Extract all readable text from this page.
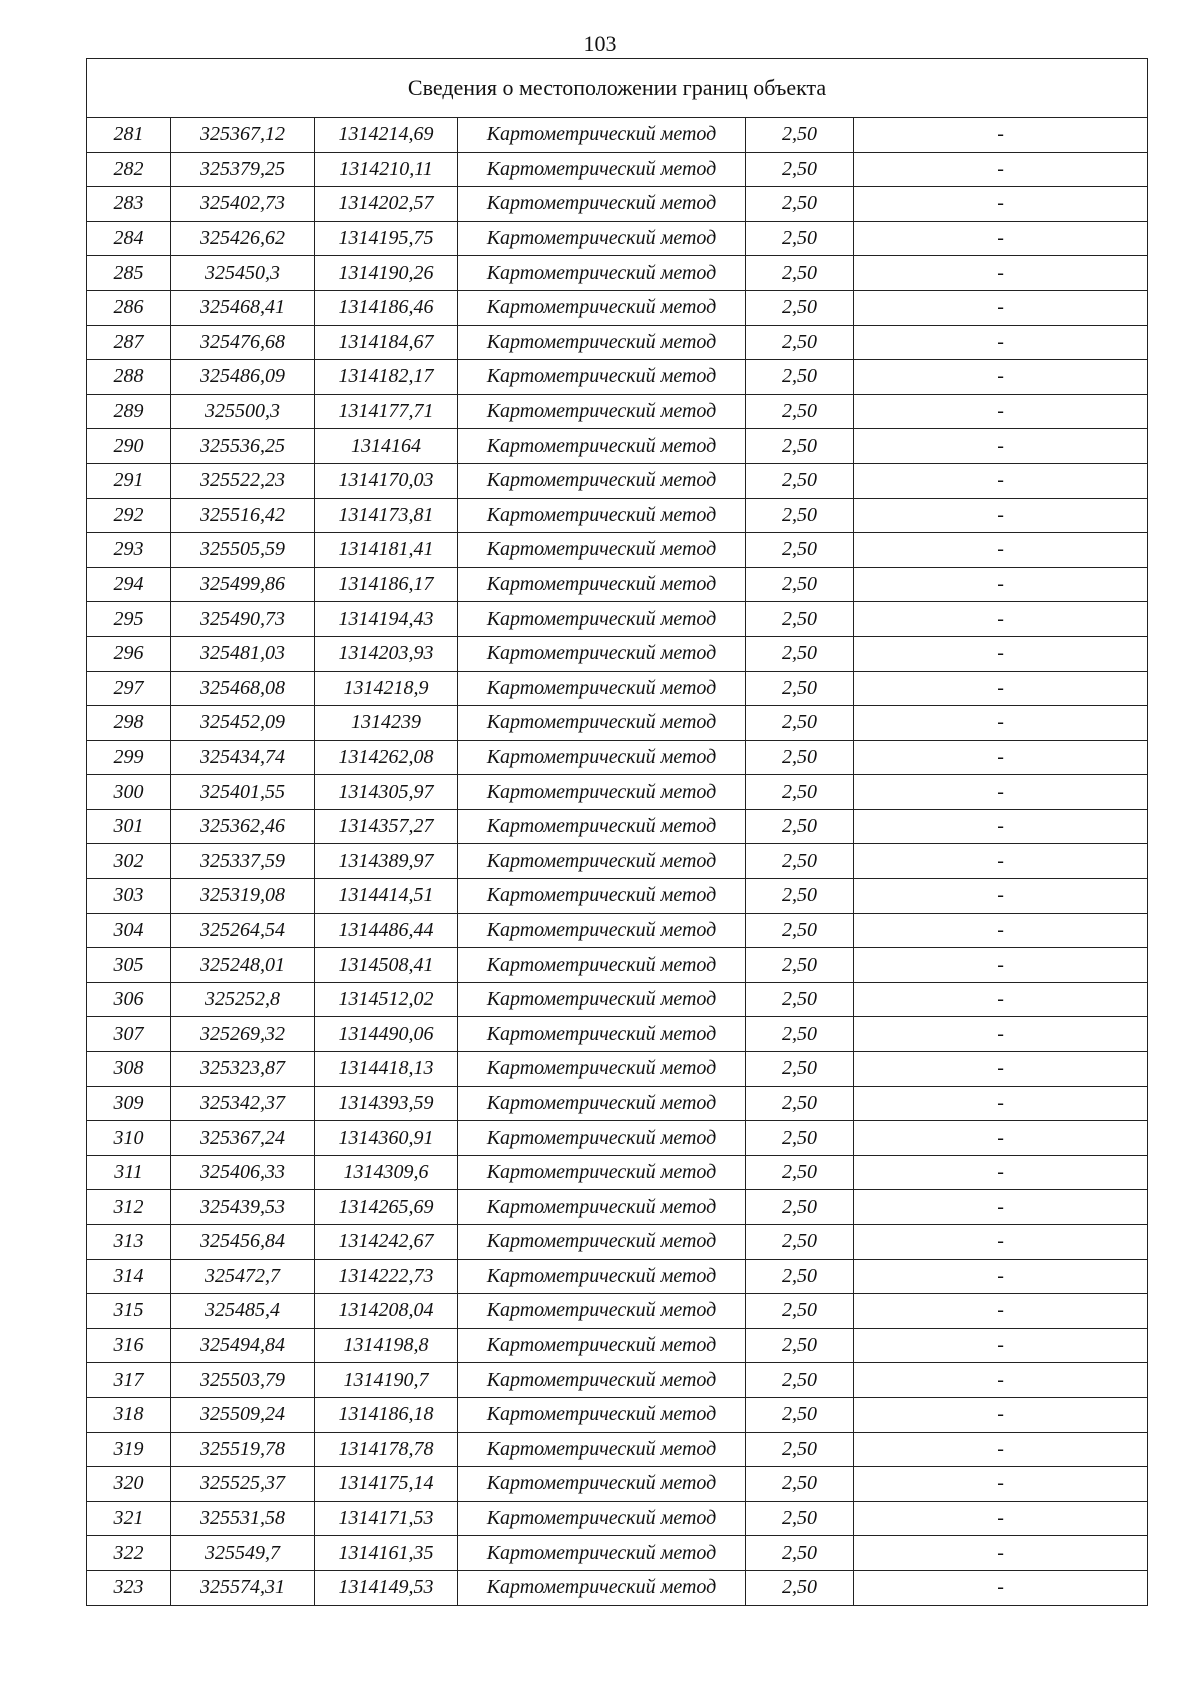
103
Сведения о местоположении границ объекта					
281	325367,12	1314214,69	Картометрический метод	2,50	-
282	325379,25	1314210,11	Картометрический метод	2,50	-
283	325402,73	1314202,57	Картометрический метод	2,50	-
284	325426,62	1314195,75	Картометрический метод	2,50	-
285	325450,3	1314190,26	Картометрический метод	2,50	-
286	325468,41	1314186,46	Картометрический метод	2,50	-
287	325476,68	1314184,67	Картометрический метод	2,50	-
288	325486,09	1314182,17	Картометрический метод	2,50	-
289	325500,3	1314177,71	Картометрический метод	2,50	-
290	325536,25	1314164	Картометрический метод	2,50	-
291	325522,23	1314170,03	Картометрический метод	2,50	-
292	325516,42	1314173,81	Картометрический метод	2,50	-
293	325505,59	1314181,41	Картометрический метод	2,50	-
294	325499,86	1314186,17	Картометрический метод	2,50	-
295	325490,73	1314194,43	Картометрический метод	2,50	-
296	325481,03	1314203,93	Картометрический метод	2,50	-
297	325468,08	1314218,9	Картометрический метод	2,50	-
298	325452,09	1314239	Картометрический метод	2,50	-
299	325434,74	1314262,08	Картометрический метод	2,50	-
300	325401,55	1314305,97	Картометрический метод	2,50	-
301	325362,46	1314357,27	Картометрический метод	2,50	-
302	325337,59	1314389,97	Картометрический метод	2,50	-
303	325319,08	1314414,51	Картометрический метод	2,50	-
304	325264,54	1314486,44	Картометрический метод	2,50	-
305	325248,01	1314508,41	Картометрический метод	2,50	-
306	325252,8	1314512,02	Картометрический метод	2,50	-
307	325269,32	1314490,06	Картометрический метод	2,50	-
308	325323,87	1314418,13	Картометрический метод	2,50	-
309	325342,37	1314393,59	Картометрический метод	2,50	-
310	325367,24	1314360,91	Картометрический метод	2,50	-
311	325406,33	1314309,6	Картометрический метод	2,50	-
312	325439,53	1314265,69	Картометрический метод	2,50	-
313	325456,84	1314242,67	Картометрический метод	2,50	-
314	325472,7	1314222,73	Картометрический метод	2,50	-
315	325485,4	1314208,04	Картометрический метод	2,50	-
316	325494,84	1314198,8	Картометрический метод	2,50	-
317	325503,79	1314190,7	Картометрический метод	2,50	-
318	325509,24	1314186,18	Картометрический метод	2,50	-
319	325519,78	1314178,78	Картометрический метод	2,50	-
320	325525,37	1314175,14	Картометрический метод	2,50	-
321	325531,58	1314171,53	Картометрический метод	2,50	-
322	325549,7	1314161,35	Картометрический метод	2,50	-
323	325574,31	1314149,53	Картометрический метод	2,50	-
